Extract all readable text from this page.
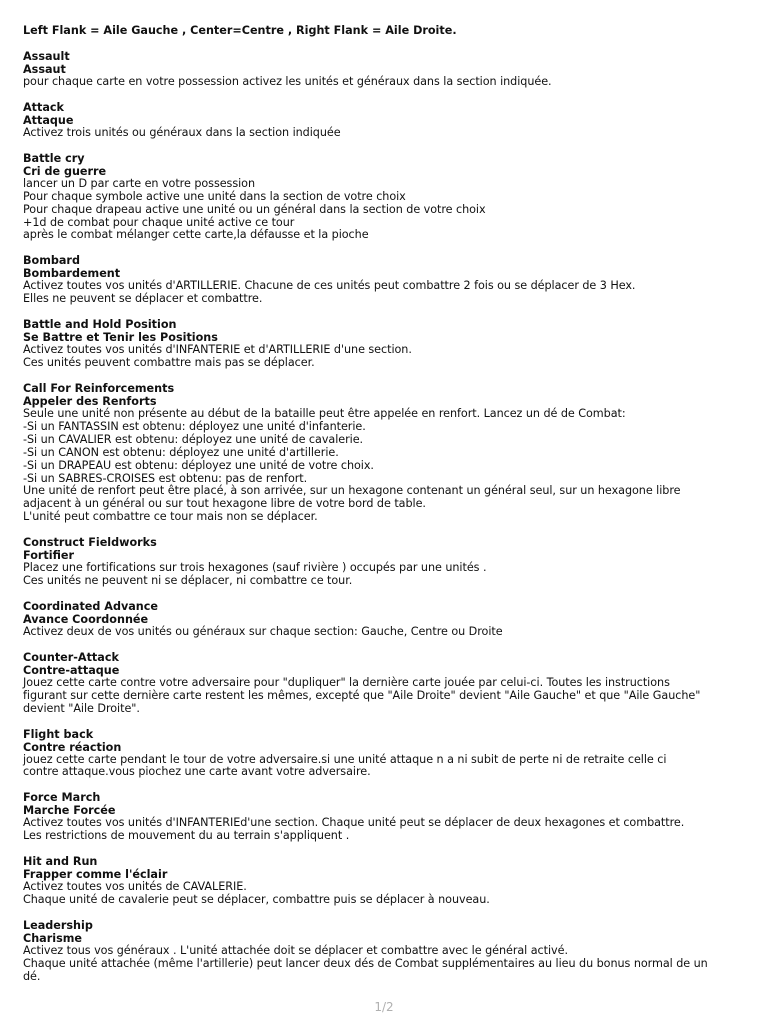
Left Flank = Aile Gauche , Center=Centre , Right Flank = Aile Droite.
Assault
Assaut
pour chaque carte en votre possession activez les unités et généraux dans la section indiquée.
Attack
Attaque
Activez trois unités ou généraux dans la section indiquée
Battle cry
Cri de guerre
lancer un D par carte en votre possession
Pour chaque symbole active une unité dans la section de votre choix
Pour chaque drapeau active une unité ou un général dans la section de votre choix
+1d de combat pour chaque unité active ce tour
après le combat mélanger cette carte,la défausse et la pioche
Bombard
Bombardement
Activez toutes vos unités d'ARTILLERIE. Chacune de ces unités peut combattre 2 fois ou se déplacer de 3 Hex.
Elles ne peuvent se déplacer et combattre.
Battle and Hold Position
Se Battre et Tenir les Positions
Activez toutes vos unités d'INFANTERIE et d'ARTILLERIE d'une section.
Ces unités peuvent combattre mais pas se déplacer.
Call For Reinforcements
Appeler des Renforts
Seule une unité non présente au début de la bataille peut être appelée en renfort. Lancez un dé de Combat:
-Si un FANTASSIN est obtenu: déployez une unité d'infanterie.
-Si un CAVALIER est obtenu: déployez une unité de cavalerie.
-Si un CANON est obtenu: déployez une unité d'artillerie.
-Si un DRAPEAU est obtenu: déployez une unité de votre choix.
-Si un SABRES-CROISES est obtenu: pas de renfort.
Une unité de renfort peut être placé, à son arrivée, sur un hexagone contenant un général seul, sur un hexagone libre
adjacent à un général ou sur tout hexagone libre de votre bord de table.
L'unité peut combattre ce tour mais non se déplacer.
Construct Fieldworks
Fortifier
Placez une fortifications sur trois hexagones (sauf rivière ) occupés par une unités .
Ces unités ne peuvent ni se déplacer, ni combattre ce tour.
Coordinated Advance
Avance Coordonnée
Activez deux de vos unités ou généraux sur chaque section: Gauche, Centre ou Droite
Counter-Attack
Contre-attaque
Jouez cette carte contre votre adversaire pour "dupliquer" la dernière carte jouée par celui-ci. Toutes les instructions
figurant sur cette dernière carte restent les mêmes, excepté que "Aile Droite" devient "Aile Gauche" et que "Aile Gauche"
devient "Aile Droite".
Flight back
Contre réaction
jouez cette carte pendant le tour de votre adversaire.si une unité attaque n a ni subit de perte ni de retraite celle ci
contre attaque.vous piochez une carte avant votre adversaire.
Force March
Marche Forcée
Activez toutes vos unités d'INFANTERIEd'une section. Chaque unité peut se déplacer de deux hexagones et combattre.
Les restrictions de mouvement du au terrain s'appliquent .
Hit and Run
Frapper comme l'éclair
Activez toutes vos unités de CAVALERIE.
Chaque unité de cavalerie peut se déplacer, combattre puis se déplacer à nouveau.
Leadership
Charisme
Activez tous vos généraux . L'unité attachée doit se déplacer et combattre avec le général activé.
Chaque unité attachée (même l'artillerie) peut lancer deux dés de Combat supplémentaires au lieu du bonus normal de un
dé.
1/2
